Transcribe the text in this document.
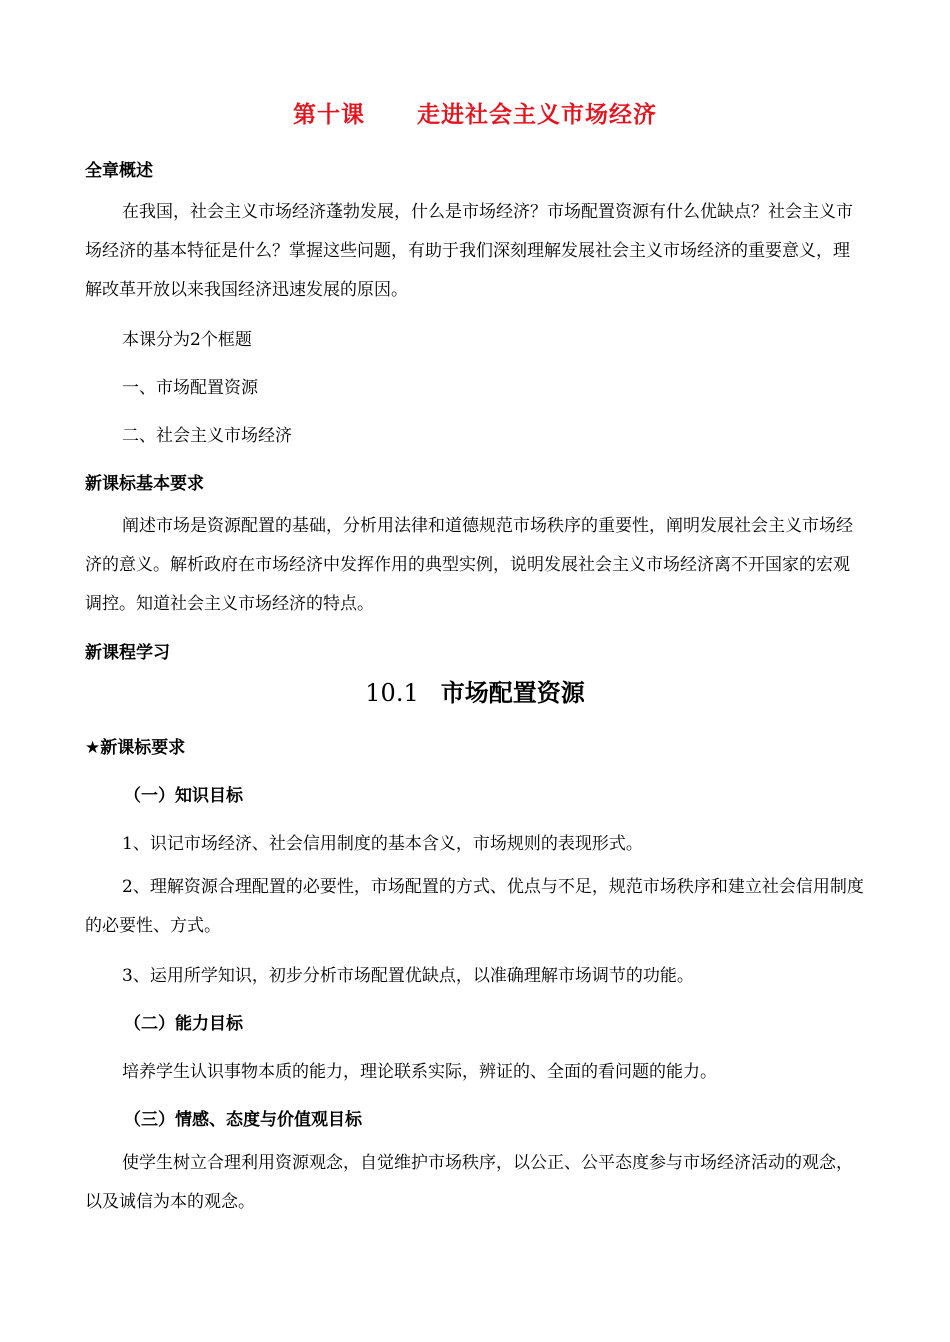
第十课 走进社会主义市场经济
全章概述
在我国，社会主义市场经济蓬勃发展，什么是市场经济？市场配置资源有什么优缺点？社会主义市场经济的基本特征是什么？掌握这些问题，有助于我们深刻理解发展社会主义市场经济的重要意义，理解改革开放以来我国经济迅速发展的原因。
本课分为2个框题
一、市场配置资源
二、社会主义市场经济
新课标基本要求
阐述市场是资源配置的基础，分析用法律和道德规范市场秩序的重要性，阐明发展社会主义市场经济的意义。解析政府在市场经济中发挥作用的典型实例，说明发展社会主义市场经济离不开国家的宏观调控。知道社会主义市场经济的特点。
新课程学习
10.1 市场配置资源
★新课标要求
（一）知识目标
1、识记市场经济、社会信用制度的基本含义，市场规则的表现形式。
2、理解资源合理配置的必要性，市场配置的方式、优点与不足，规范市场秩序和建立社会信用制度的必要性、方式。
3、运用所学知识，初步分析市场配置优缺点，以准确理解市场调节的功能。
（二）能力目标
培养学生认识事物本质的能力，理论联系实际，辨证的、全面的看问题的能力。
（三）情感、态度与价值观目标
使学生树立合理利用资源观念，自觉维护市场秩序，以公正、公平态度参与市场经济活动的观念，以及诚信为本的观念。
